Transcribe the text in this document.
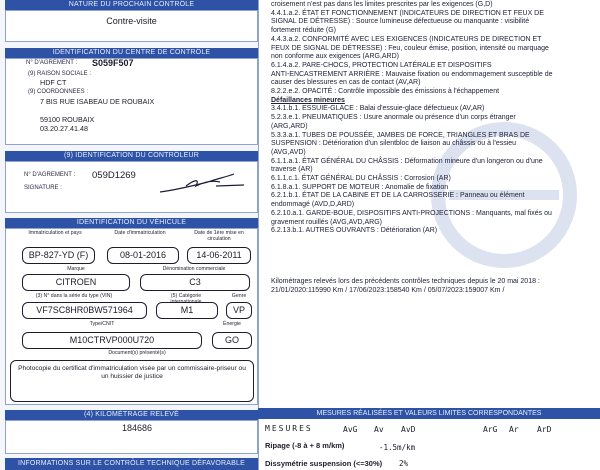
NATURE DU PROCHAIN CONTRÔLE
Contre-visite
IDENTIFICATION DU CENTRE DE CONTRÔLE
N° D'AGREMENT : S059F507
(9) RAISON SOCIALE :
HDF CT
(9) COORDONNEES :
7 BIS RUE ISABEAU DE ROUBAIX
59100 ROUBAIX
03.20.27.41.48
(9) IDENTIFICATION DU CONTRÔLEUR
N° D'AGREMENT : 059D1269
SIGNATURE :
IDENTIFICATION DU VÉHICULE
Immatriculation et pays	Date d'immatriculation	Date de 1ère mise en circulation
BP-827-YD (F)	08-01-2016	14-06-2011
Marque	Dénomination commerciale
CITROEN	C3
(3) N° dans la série du type (VIN)	(5) Catégorie	Genre
VF7SC8HR0BW571964	M1	VP
Type/CNIT	Énergie
M10CTRVP000U720	GO
Document(s) présenté(s)
Photocopie du certificat d'immatriculation visée par un commissaire-priseur ou un huissier de justice
(4) KILOMÉTRAGE RELEVÉ
184686
INFORMATIONS SUR LE CONTRÔLE TECHNIQUE DÉFAVORABLE

croisement n'est pas dans les limites prescrites par les exigences (G,D)

4.4.1.a.2. ÉTAT ET FONCTIONNEMENT (INDICATEURS DE DIRECTION ET FEUX DE

SIGNAL DE DÉTRESSE) : Source lumineuse défectueuse ou manquante : visibilité

fortement réduite (G)

4.4.3.a.2. CONFORMITÉ AVEC LES EXIGENCES (INDICATEURS DE DIRECTION ET

FEUX DE SIGNAL DE DÉTRESSE) : Feu, couleur émise, position, intensité ou marquage

non conforme aux exigences (ARG,ARD)

6.1.4.a.2. PARE-CHOCS, PROTECTION LATÉRALE ET DISPOSITIFS

ANTI-ENCASTREMENT ARRIÈRE : Mauvaise fixation ou endommagement susceptible de

causer des blessures en cas de contact (AV,AR)

8.2.2.e.2. OPACITÉ : Contrôle impossible des émissions à l'échappement

Défaillances mineures

3.4.1.b.1. ESSUIE-GLACE : Balai d'essuie-glace défectueux (AV,AR)

5.2.3.e.1. PNEUMATIQUES : Usure anormale ou présence d'un corps étranger

(ARG,ARD)

5.3.3.a.1. TUBES DE POUSSÉE, JAMBES DE FORCE, TRIANGLES ET BRAS DE

SUSPENSION : Détérioration d'un silentbloc de liaison au châssis ou à l'essieu

(AVG,AVD)

6.1.1.a.1. ÉTAT GÉNÉRAL DU CHÂSSIS : Déformation mineure d'un longeron ou d'une

traverse (AR)

6.1.1.c.1. ÉTAT GÉNÉRAL DU CHÂSSIS : Corrosion (AR)

6.1.8.a.1. SUPPORT DE MOTEUR : Anomalie de fixation

6.2.1.b.1. ÉTAT DE LA CABINE ET DE LA CARROSSERIE : Panneau ou élément

endommagé (AVD,D,ARD)

6.2.10.a.1. GARDE-BOUE, DISPOSITIFS ANTI-PROJECTIONS : Manquants, mal fixés ou

gravement rouillés (AVG,AVD,ARG)

6.2.13.b.1. AUTRES OUVRANTS : Détérioration (AR)

Kilométrages relevés lors des précédents contrôles techniques depuis le 20 mai 2018 :

21/01/2020:115990 Km / 17/06/2023:158540 Km / 05/07/2023:159007 Km /

MESURES RÉALISÉES ET VALEURS LIMITES CORRESPONDANTES
MESURES	AvG Av AvD	ArG Ar ArD
Ripage (-8 à + 8 m/km)	-1.5m/km
Dissymétrie suspension (<=30%) 2%
